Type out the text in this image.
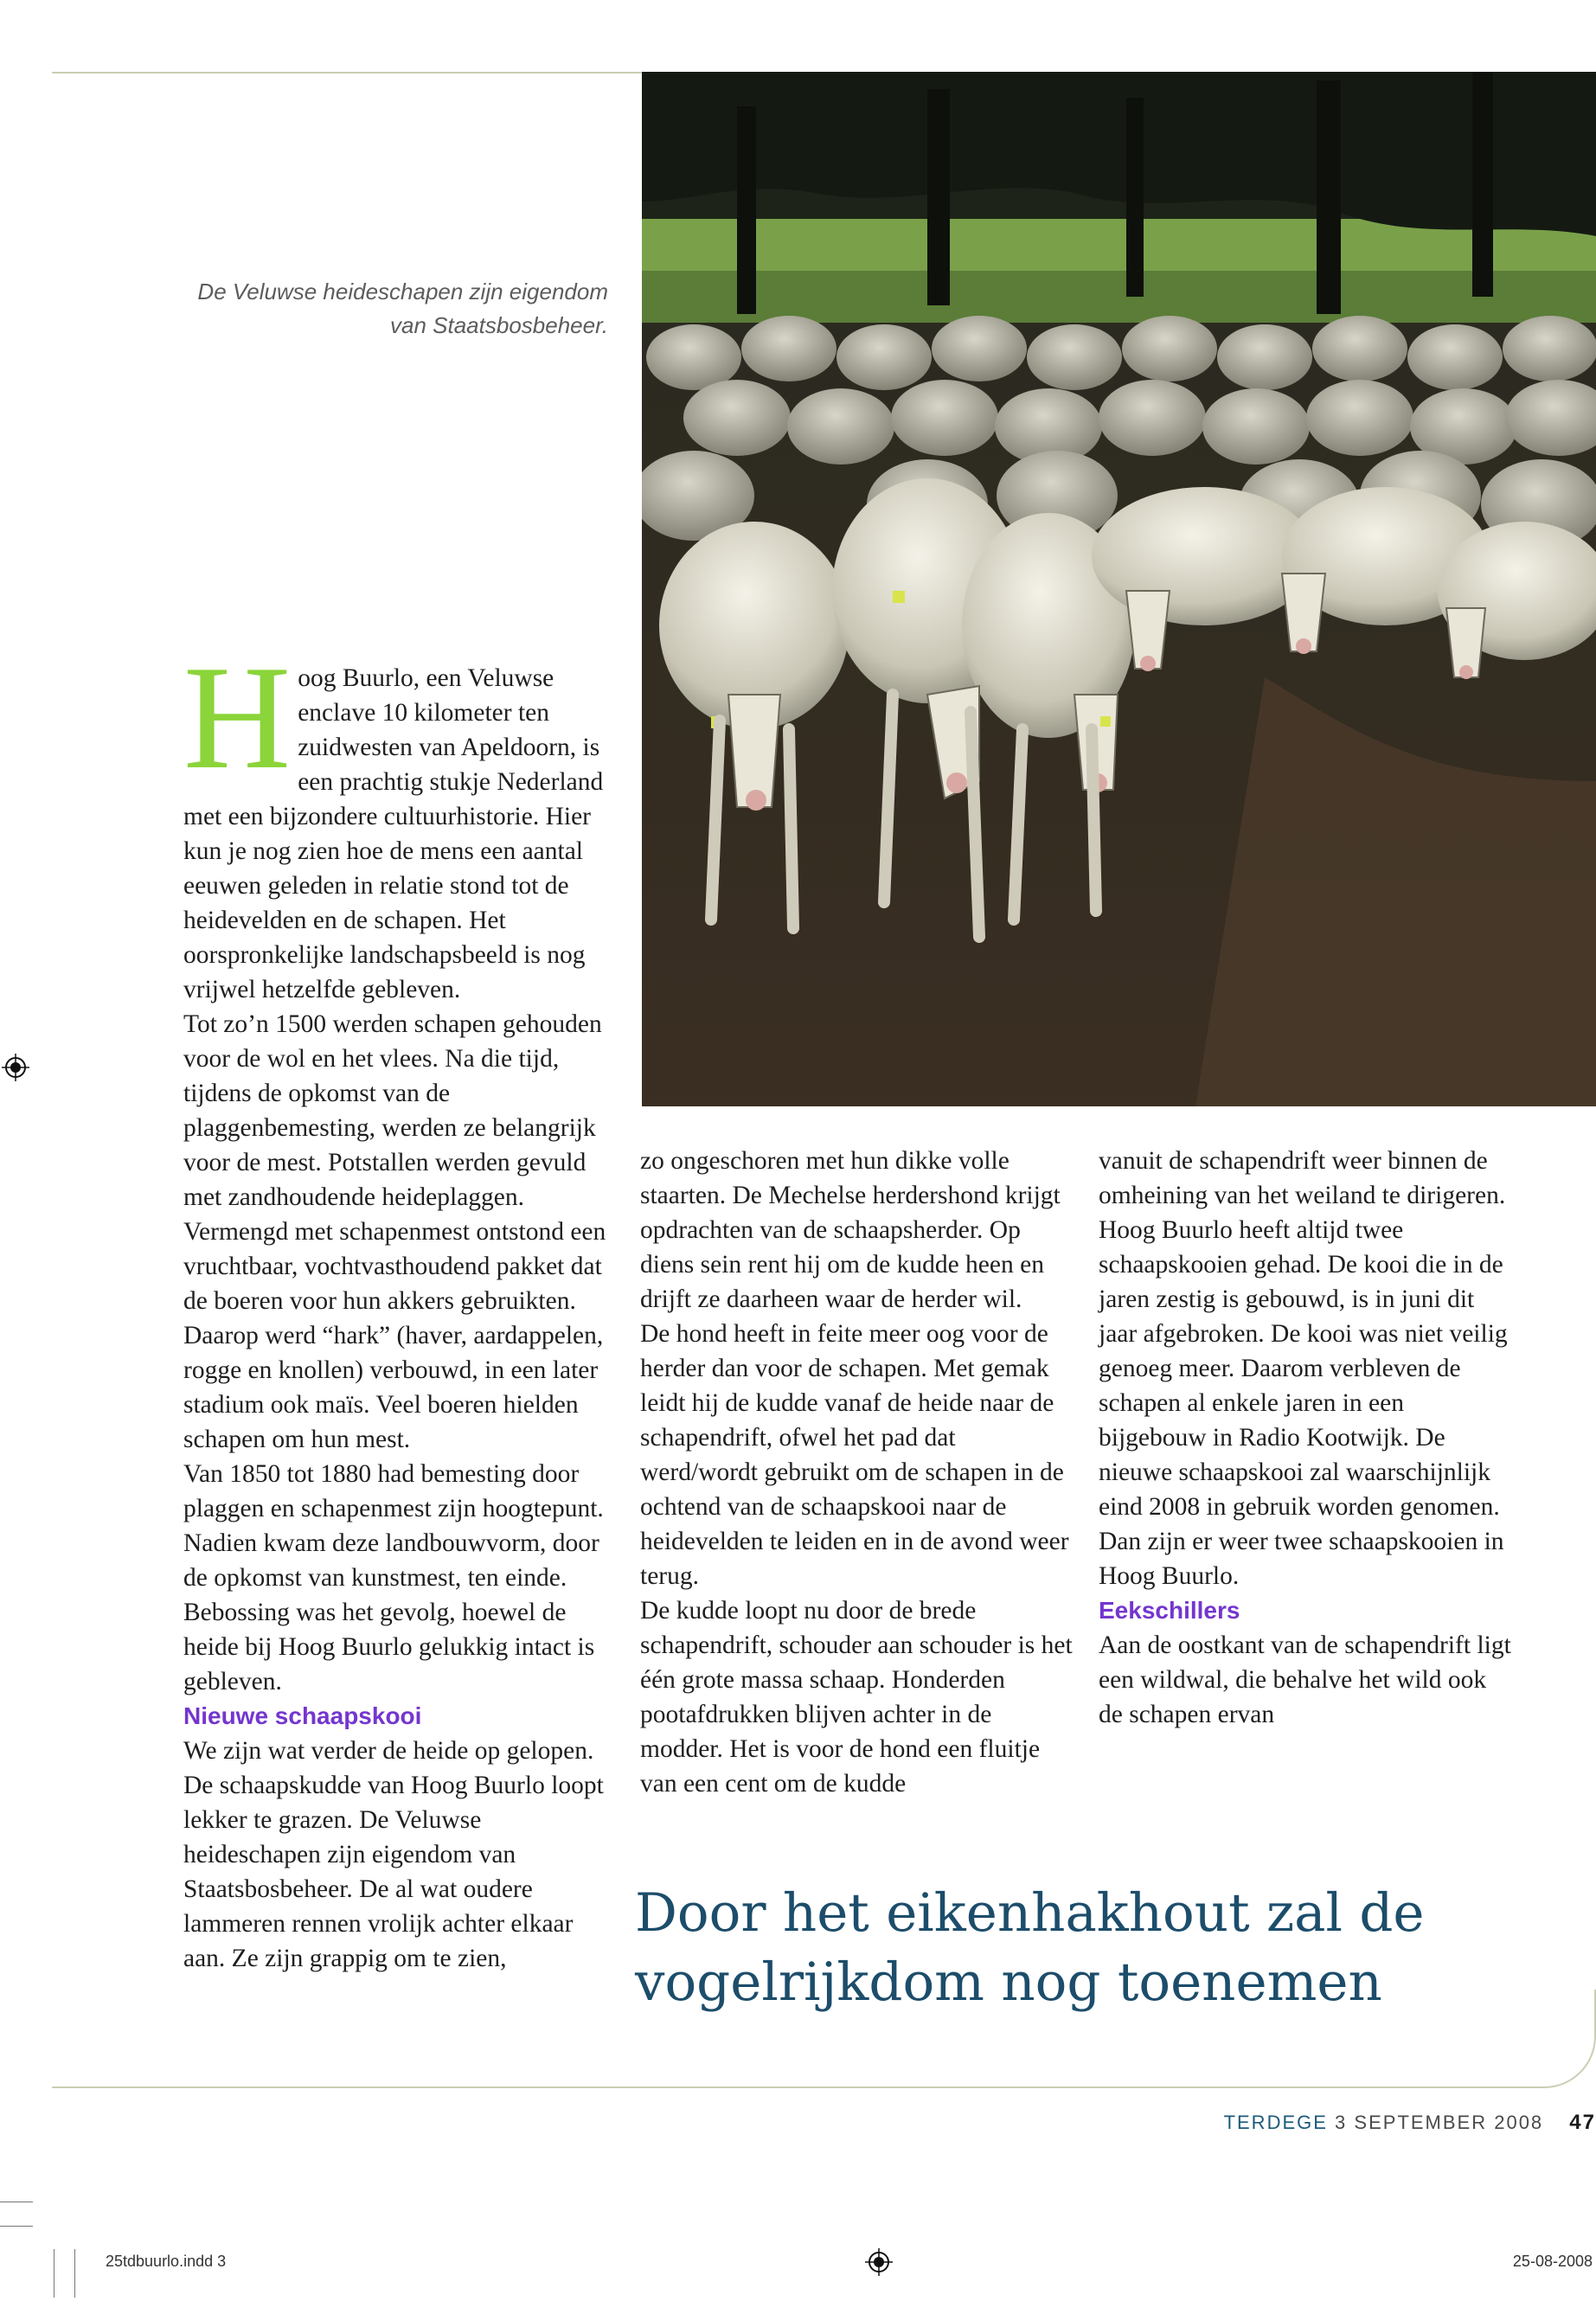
De Veluwse heideschapen zijn eigendom
van Staatsbosbeheer.

Hoog Buurlo, een Veluwse enclave 10 kilometer ten zuidwesten van Apeldoorn, is een prachtig stukje Nederland met een bijzondere cultuurhistorie. Hier kun je nog zien hoe de mens een aantal eeuwen geleden in relatie stond tot de heidevelden en de schapen. Het oorspronkelijke landschapsbeeld is nog vrijwel hetzelfde gebleven.

Tot zo’n 1500 werden schapen gehouden voor de wol en het vlees. Na die tijd, tijdens de opkomst van de plaggenbemesting, werden ze belangrijk voor de mest. Potstallen werden gevuld met zandhoudende heideplaggen. Vermengd met schapenmest ontstond een vruchtbaar, vochtvasthoudend pakket dat de boeren voor hun akkers gebruikten. Daarop werd “hark” (haver, aardappelen, rogge en knollen) verbouwd, in een later stadium ook maïs. Veel boeren hielden schapen om hun mest.

Van 1850 tot 1880 had bemesting door plaggen en schapenmest zijn hoogtepunt. Nadien kwam deze landbouwvorm, door de opkomst van kunstmest, ten einde. Bebossing was het gevolg, hoewel de heide bij Hoog Buurlo gelukkig intact is gebleven.

Nieuwe schaapskooi

We zijn wat verder de heide op gelopen. De schaapskudde van Hoog Buurlo loopt lekker te grazen. De Veluwse heideschapen zijn eigendom van Staatsbosbeheer. De al wat oudere lammeren rennen vrolijk achter elkaar aan. Ze zijn grappig om te zien,

zo ongeschoren met hun dikke volle staarten. De Mechelse herdershond krijgt opdrachten van de schaapsherder. Op diens sein rent hij om de kudde heen en drijft ze daarheen waar de herder wil.

De hond heeft in feite meer oog voor de herder dan voor de schapen. Met gemak leidt hij de kudde vanaf de heide naar de schapendrift, ofwel het pad dat werd/wordt gebruikt om de schapen in de ochtend van de schaapskooi naar de heidevelden te leiden en in de avond weer terug.

De kudde loopt nu door de brede schapendrift, schouder aan schouder is het één grote massa schaap. Honderden pootafdrukken blijven achter in de modder. Het is voor de hond een fluitje van een cent om de kudde

vanuit de schapendrift weer binnen de omheining van het weiland te dirigeren.

Hoog Buurlo heeft altijd twee schaapskooien gehad. De kooi die in de jaren zestig is gebouwd, is in juni dit jaar afgebroken. De kooi was niet veilig genoeg meer. Daarom verbleven de schapen al enkele jaren in een bijgebouw in Radio Kootwijk. De nieuwe schaapskooi zal waarschijnlijk eind 2008 in gebruik worden genomen. Dan zijn er weer twee schaapskooien in Hoog Buurlo.

Eekschillers

Aan de oostkant van de schapendrift ligt een wildwal, die behalve het wild ook de schapen ervan

Door het eikenhakhout zal de
vogelrijkdom nog toenemen
TERDEGE 3 SEPTEMBER 2008 47
25tdbuurlo.indd 3	25-08-2008
